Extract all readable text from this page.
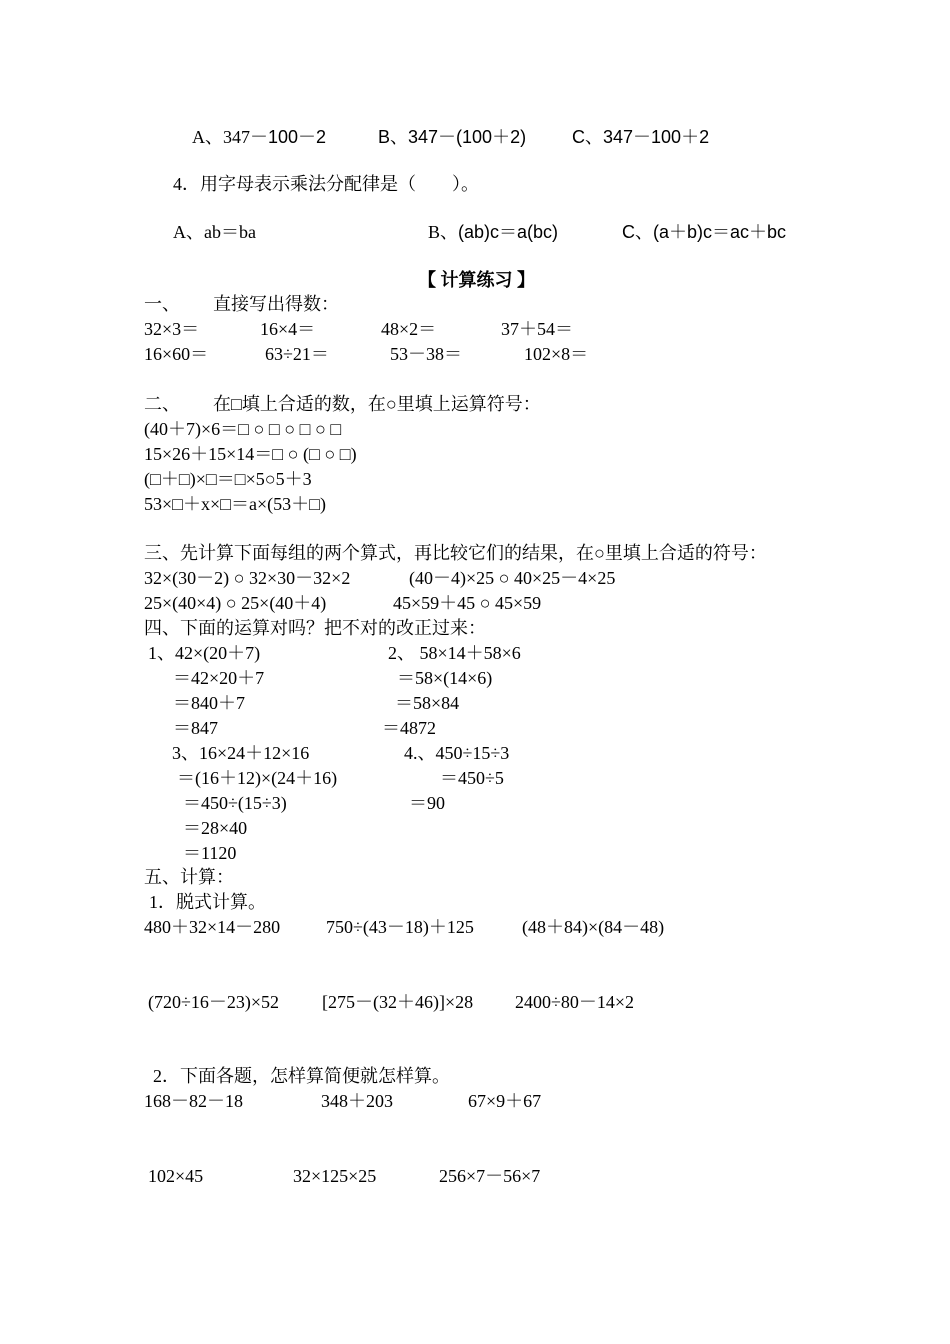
A、347－100－2	B、347－(100＋2)	C、347－100＋2
4．用字母表示乘法分配律是（　　）。
A、ab＝ba	B、(ab)c＝a(bc)	C、(a＋b)c＝ac＋bc
【 计算练习 】
一、 直接写出得数：
32×3＝	16×4＝	48×2＝	37＋54＝
16×60＝	63÷21＝	53－38＝	102×8＝
二、 在□填上合适的数，在○里填上运算符号：
(40＋7)×6＝□ ○ □ ○ □ ○ □
15×26＋15×14＝□ ○ (□ ○ □)
(□＋□)×□＝□×5○5＋3
53×□＋x×□＝a×(53＋□)
三、先计算下面每组的两个算式，再比较它们的结果，在○里填上合适的符号：
32×(30－2) ○ 32×30－32×2	(40－4)×25 ○ 40×25－4×25
25×(40×4) ○ 25×(40＋4)	45×59＋45 ○ 45×59
四、下面的运算对吗？把不对的改正过来：
1、42×(20＋7)
＝42×20＋7
＝840＋7
＝847
2、 58×14＋58×6
＝58×(14×6)
＝58×84
＝4872
3、16×24＋12×16
＝(16＋12)×(24＋16)
＝450÷(15÷3)
＝28×40
＝1120
4.、450÷15÷3
＝450÷5
＝90
五、计算：
1．脱式计算。
480＋32×14－280	750÷(43－18)＋125	(48＋84)×(84－48)
(720÷16－23)×52 [275－(32＋46)]×28 2400÷80－14×2
2．下面各题，怎样算简便就怎样算。
168－82－18	348＋203	67×9＋67
102×45	32×125×25	256×7－56×7
